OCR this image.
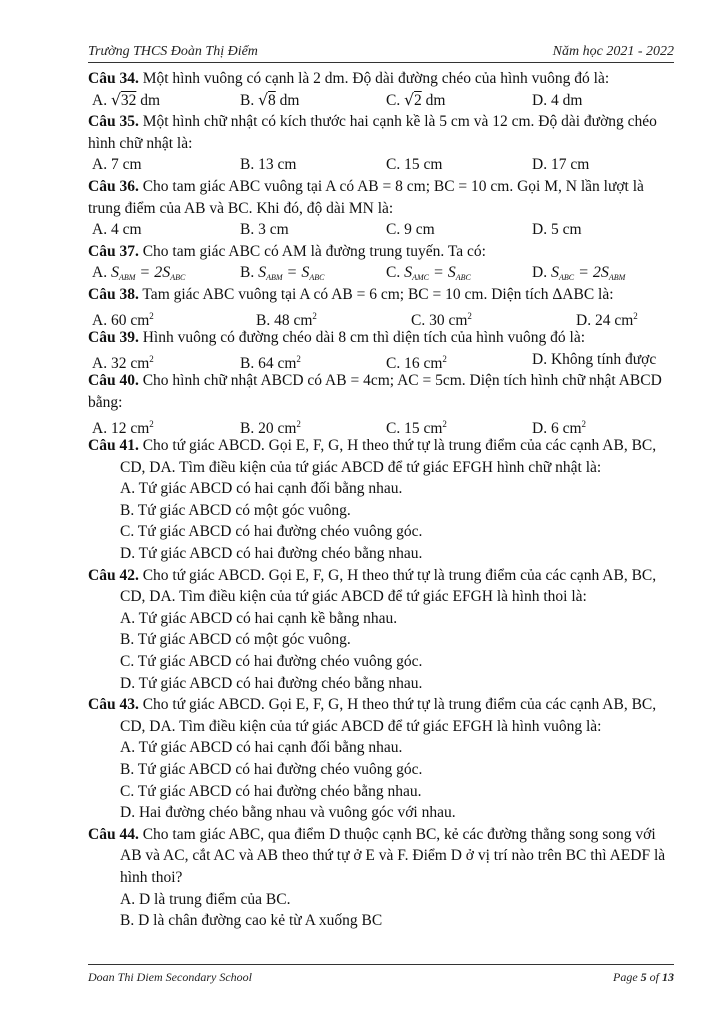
Trường THCS Đoàn Thị Điểm	Năm học 2021 - 2022

Câu 34. Một hình vuông có cạnh là 2 dm. Độ dài đường chéo của hình vuông đó là:

A. √32 dm	B. √8 dm	C. √2 dm	D. 4 dm

Câu 35. Một hình chữ nhật có kích thước hai cạnh kề là 5 cm và 12 cm. Độ dài đường chéo hình chữ nhật là:

A. 7 cm	B. 13 cm	C. 15 cm	D. 17 cm

Câu 36. Cho tam giác ABC vuông tại A có AB = 8 cm; BC = 10 cm. Gọi M, N lần lượt là trung điểm của AB và BC. Khi đó, độ dài MN là:

A. 4 cm	B. 3 cm	C. 9 cm	D. 5 cm

Câu 37. Cho tam giác ABC có AM là đường trung tuyến. Ta có:

A. $S_{ABM} = 2S_{ABC}$	B. $S_{ABM} = S_{ABC}$	C. $S_{AMC} = S_{ABC}$	D. $S_{ABC} = 2S_{ABM}$

Câu 38. Tam giác ABC vuông tại A có AB = 6 cm; BC = 10 cm. Diện tích ΔABC là:

A. 60 $cm^2$	B. 48 $cm^2$	C. 30 $cm^2$	D. 24 $cm^2$

Câu 39. Hình vuông có đường chéo dài 8 cm thì diện tích của hình vuông đó là:

A. 32 $cm^2$	B. 64 $cm^2$	C. 16 $cm^2$	D. Không tính được

Câu 40. Cho hình chữ nhật ABCD có AB = 4cm; AC = 5cm. Diện tích hình chữ nhật ABCD bằng:

A. 12 $cm^2$	B. 20 $cm^2$	C. 15 $cm^2$	D. 6 $cm^2$

Câu 41. Cho tứ giác ABCD. Gọi E, F, G, H theo thứ tự là trung điểm của các cạnh AB, BC, CD, DA. Tìm điều kiện của tứ giác ABCD để tứ giác EFGH hình chữ nhật là:

A. Tứ giác ABCD có hai cạnh đối bằng nhau.
B. Tứ giác ABCD có một góc vuông.
C. Tứ giác ABCD có hai đường chéo vuông góc.
D. Tứ giác ABCD có hai đường chéo bằng nhau.

Câu 42. Cho tứ giác ABCD. Gọi E, F, G, H theo thứ tự là trung điểm của các cạnh AB, BC, CD, DA. Tìm điều kiện của tứ giác ABCD để tứ giác EFGH là hình thoi là:

A. Tứ giác ABCD có hai cạnh kề bằng nhau.
B. Tứ giác ABCD có một góc vuông.
C. Tứ giác ABCD có hai đường chéo vuông góc.
D. Tứ giác ABCD có hai đường chéo bằng nhau.

Câu 43. Cho tứ giác ABCD. Gọi E, F, G, H theo thứ tự là trung điểm của các cạnh AB, BC, CD, DA. Tìm điều kiện của tứ giác ABCD để tứ giác EFGH là hình vuông là:

A. Tứ giác ABCD có hai cạnh đối bằng nhau.
B. Tứ giác ABCD có hai đường chéo vuông góc.
C. Tứ giác ABCD có hai đường chéo bằng nhau.
D. Hai đường chéo bằng nhau và vuông góc với nhau.

Câu 44. Cho tam giác ABC, qua điểm D thuộc cạnh BC, kẻ các đường thẳng song song với AB và AC, cắt AC và AB theo thứ tự ở E và F. Điểm D ở vị trí nào trên BC thì AEDF là hình thoi?

A. D là trung điểm của BC.
B. D là chân đường cao kẻ từ A xuống BC
Doan Thi Diem Secondary School	Page 5 of 13
